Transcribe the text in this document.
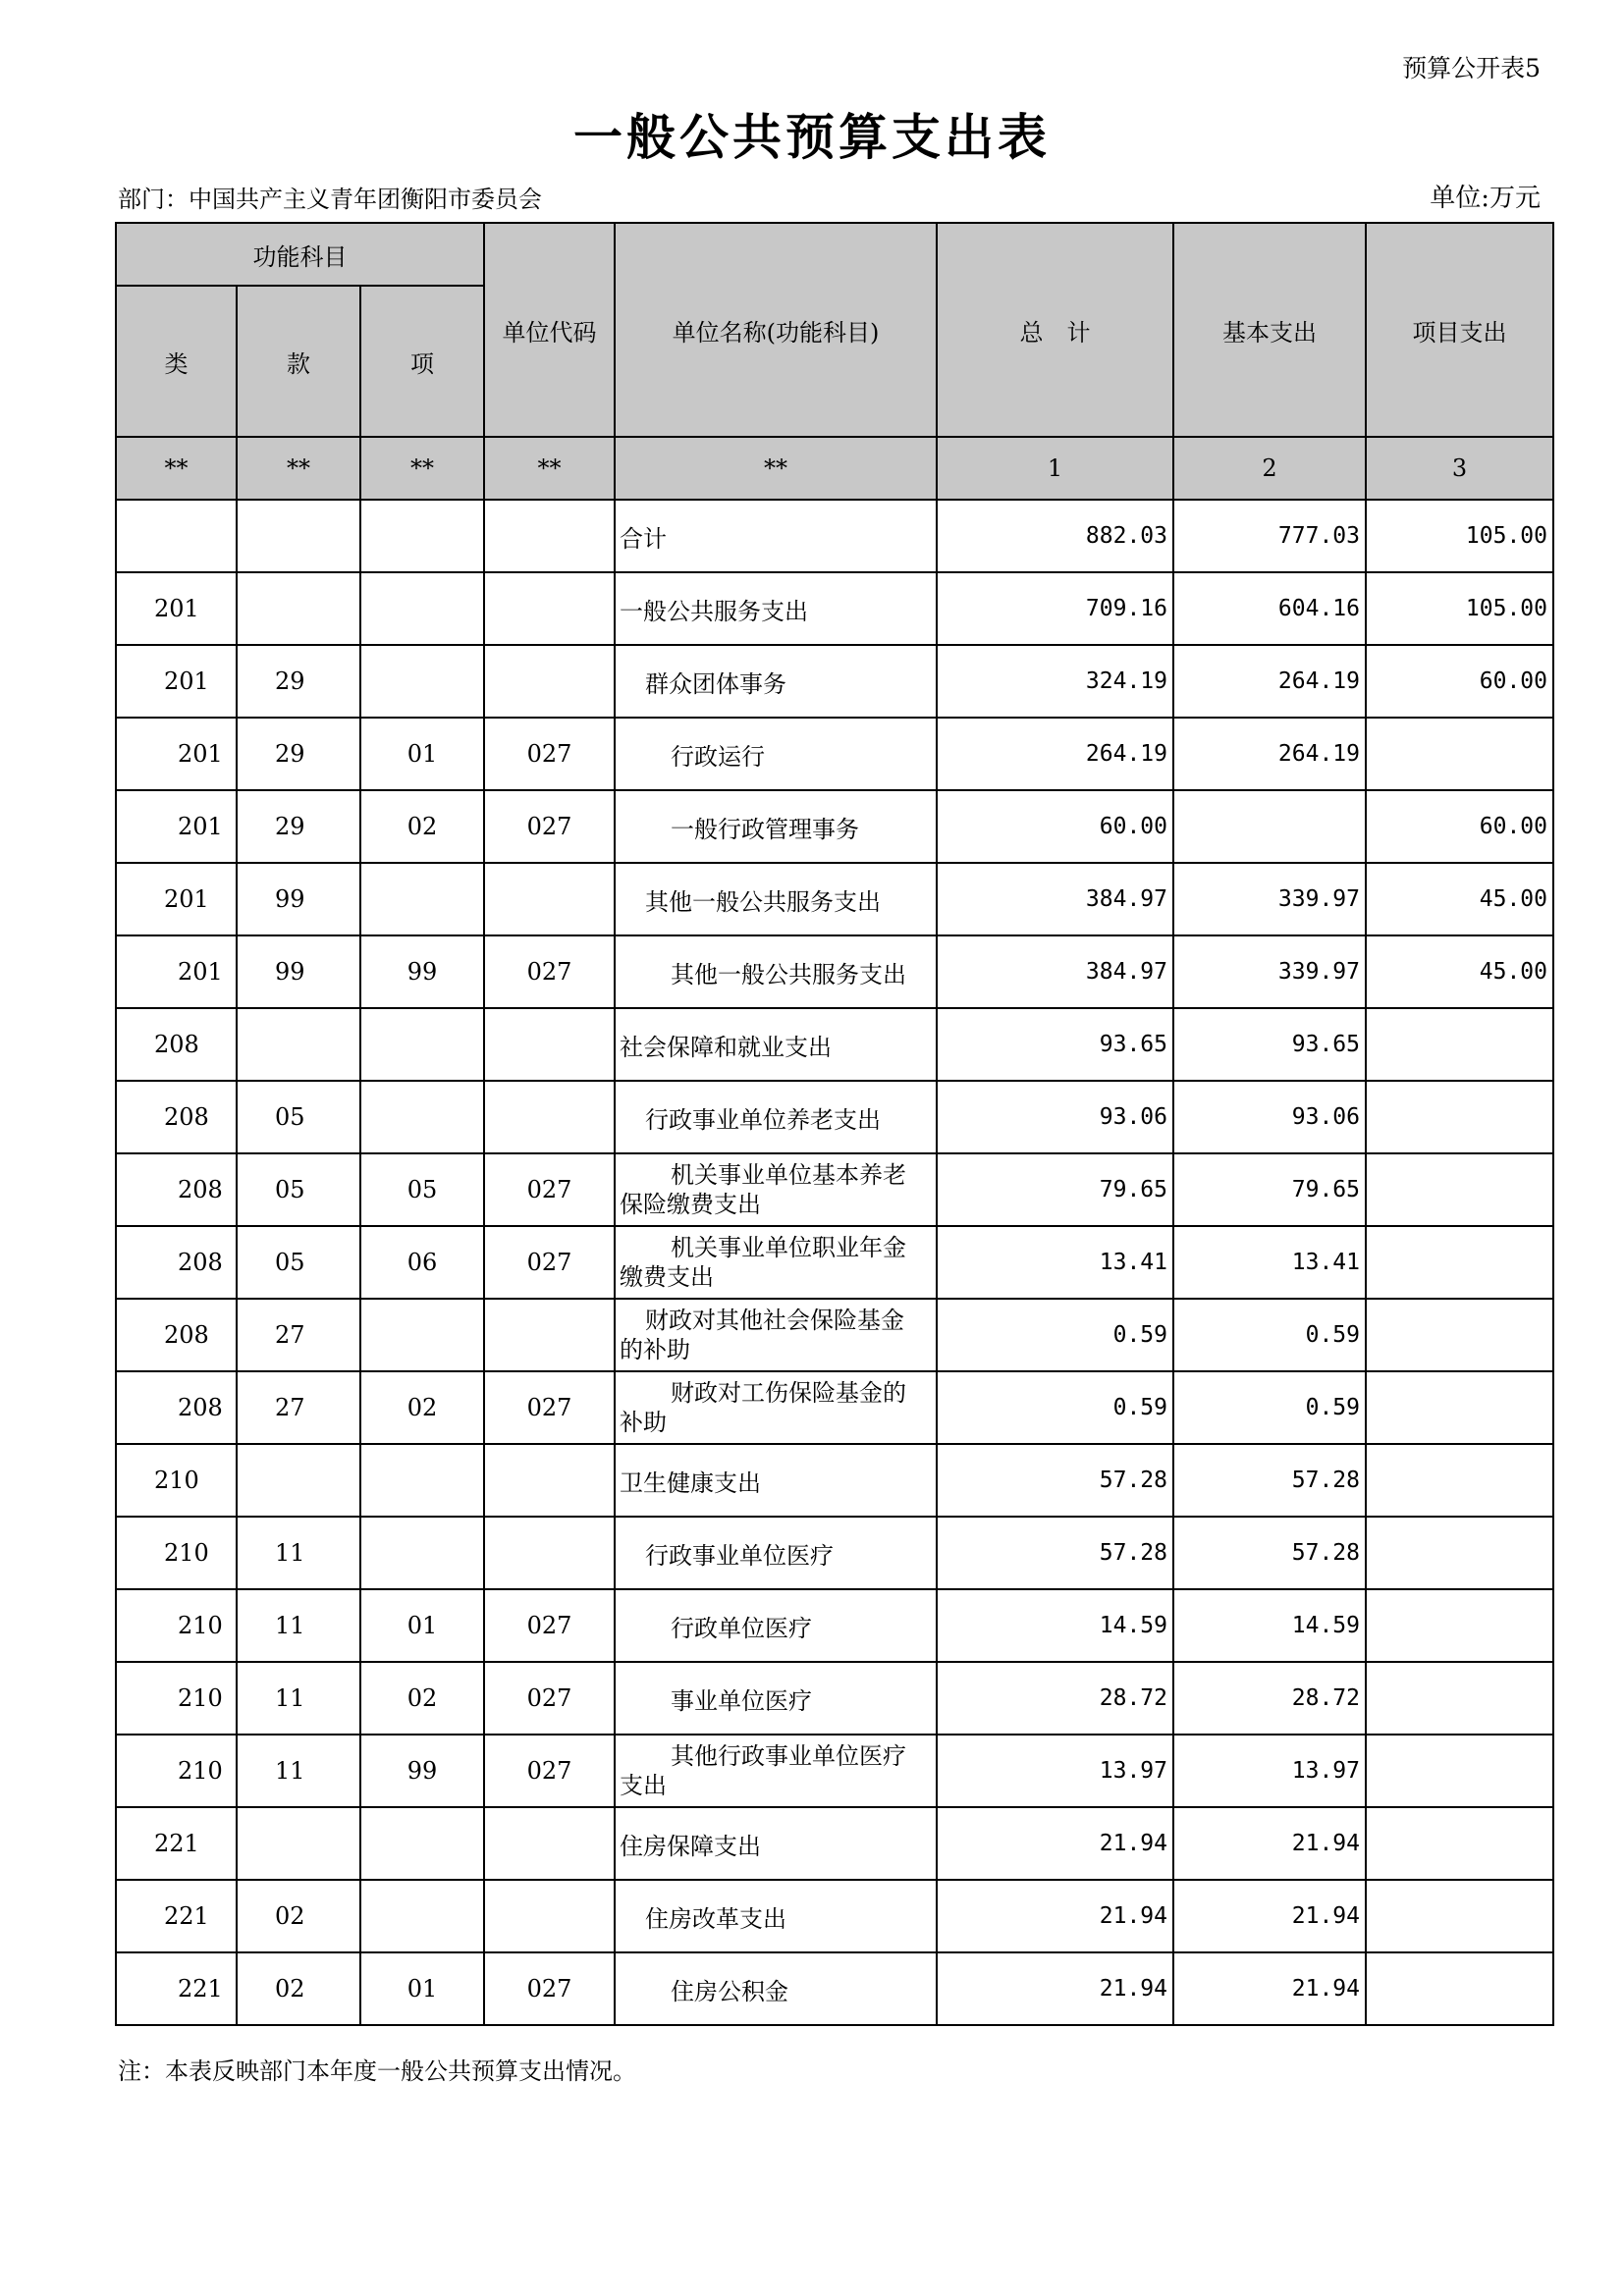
预算公开表5
一般公共预算支出表
部门：中国共产主义青年团衡阳市委员会	单位:万元
功能科目			单位代码	单位名称(功能科目)	总　计	基本支出	项目支出
类	款	项					
**	**	**	**	**	1	2	3
				合计	882.03	777.03	105.00
201				一般公共服务支出	709.16	604.16	105.00
201	29			群众团体事务	324.19	264.19	60.00
201	29	01	027	行政运行	264.19	264.19	
201	29	02	027	一般行政管理事务	60.00		60.00
201	99			其他一般公共服务支出	384.97	339.97	45.00
201	99	99	027	其他一般公共服务支出	384.97	339.97	45.00
208				社会保障和就业支出	93.65	93.65	
208	05			行政事业单位养老支出	93.06	93.06	
208	05	05	027	机关事业单位基本养老
保险缴费支出	79.65	79.65	
208	05	06	027	机关事业单位职业年金
缴费支出	13.41	13.41	
208	27			财政对其他社会保险基金
的补助	0.59	0.59	
208	27	02	027	财政对工伤保险基金的
补助	0.59	0.59	
210				卫生健康支出	57.28	57.28	
210	11			行政事业单位医疗	57.28	57.28	
210	11	01	027	行政单位医疗	14.59	14.59	
210	11	02	027	事业单位医疗	28.72	28.72	
210	11	99	027	其他行政事业单位医疗
支出	13.97	13.97	
221				住房保障支出	21.94	21.94	
221	02			住房改革支出	21.94	21.94	
221	02	01	027	住房公积金	21.94	21.94	
注：本表反映部门本年度一般公共预算支出情况。
